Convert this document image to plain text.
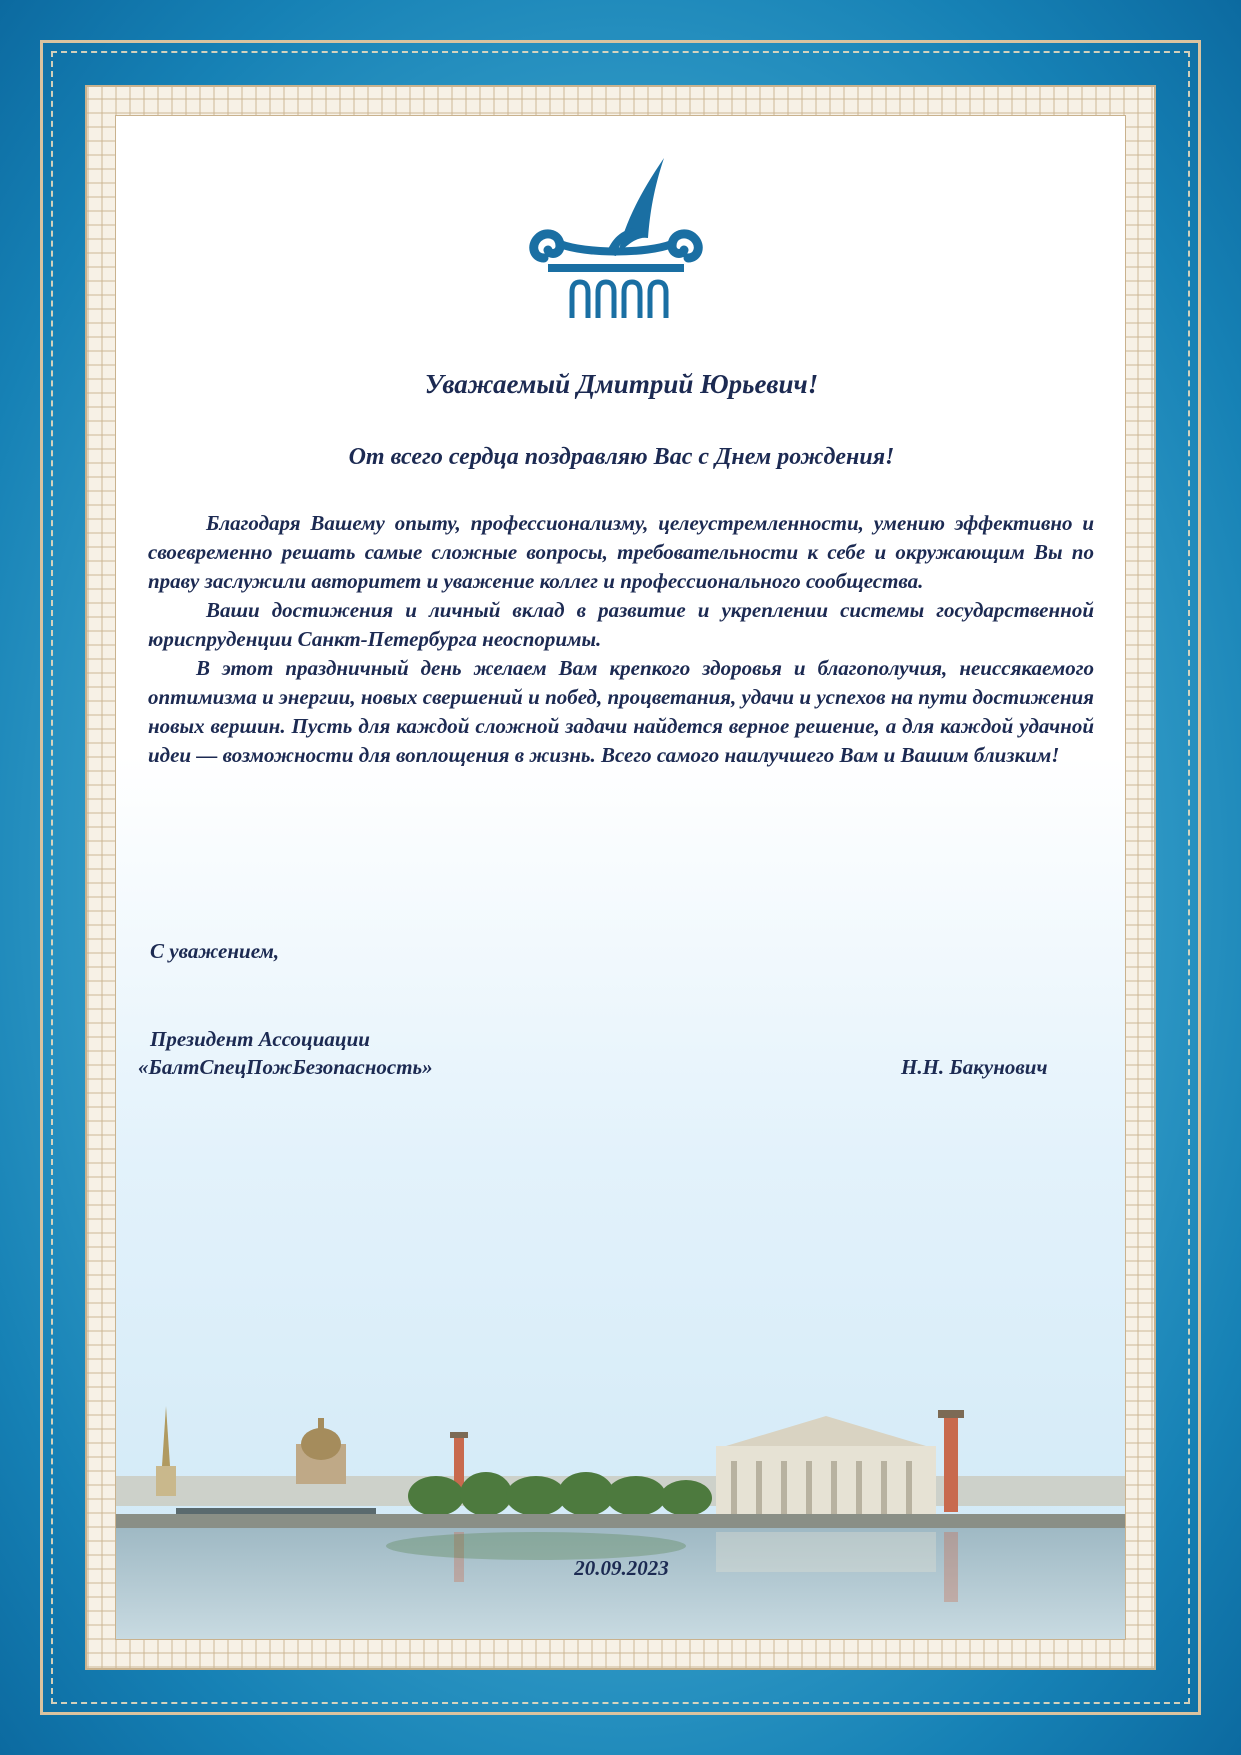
Уважаемый Дмитрий Юрьевич!
От всего сердца поздравляю Вас с Днем рождения!

Благодаря Вашему опыту, профессионализму, целеустремленности, умению эффективно и своевременно решать самые сложные вопросы, требовательности к себе и окружающим Вы по праву заслужили авторитет и уважение коллег и профессионального сообщества.

Ваши достижения и личный вклад в развитие и укреплении системы государственной юриспруденции Санкт-Петербурга неоспоримы.

В этот праздничный день желаем Вам крепкого здоровья и благополучия, неиссякаемого оптимизма и энергии, новых свершений и побед, процветания, удачи и успехов на пути достижения новых вершин. Пусть для каждой сложной задачи найдется верное решение, а для каждой удачной идеи — возможности для воплощения в жизнь. Всего самого наилучшего Вам и Вашим близким!

С уважением,
Президент Ассоциации
«БалтСпецПожБезопасность»	Н.Н. Бакунович
20.09.2023
